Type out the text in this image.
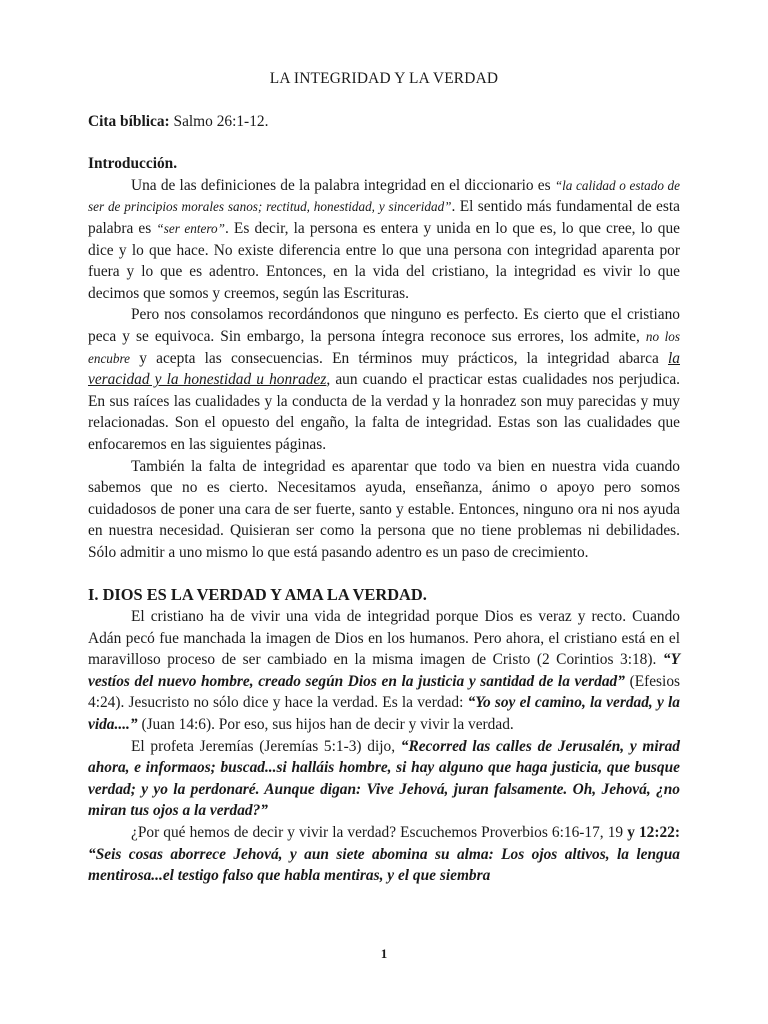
LA INTEGRIDAD Y LA VERDAD

Cita bíblica: Salmo 26:1-12.

Introducción.

Una de las definiciones de la palabra integridad en el diccionario es “la calidad o estado de ser de principios morales sanos; rectitud, honestidad, y sinceridad”. El sentido más fundamental de esta palabra es “ser entero”. Es decir, la persona es entera y unida en lo que es, lo que cree, lo que dice y lo que hace. No existe diferencia entre lo que una persona con integridad aparenta por fuera y lo que es adentro. Entonces, en la vida del cristiano, la integridad es vivir lo que decimos que somos y creemos, según las Escrituras.

Pero nos consolamos recordándonos que ninguno es perfecto. Es cierto que el cristiano peca y se equivoca. Sin embargo, la persona íntegra reconoce sus errores, los admite, no los encubre y acepta las consecuencias. En términos muy prácticos, la integridad abarca la veracidad y la honestidad u honradez, aun cuando el practicar estas cualidades nos perjudica. En sus raíces las cualidades y la conducta de la verdad y la honradez son muy parecidas y muy relacionadas. Son el opuesto del engaño, la falta de integridad. Estas son las cualidades que enfocaremos en las siguientes páginas.

También la falta de integridad es aparentar que todo va bien en nuestra vida cuando sabemos que no es cierto. Necesitamos ayuda, enseñanza, ánimo o apoyo pero somos cuidadosos de poner una cara de ser fuerte, santo y estable. Entonces, ninguno ora ni nos ayuda en nuestra necesidad. Quisieran ser como la persona que no tiene problemas ni debilidades. Sólo admitir a uno mismo lo que está pasando adentro es un paso de crecimiento.

I. DIOS ES LA VERDAD Y AMA LA VERDAD.

El cristiano ha de vivir una vida de integridad porque Dios es veraz y recto. Cuando Adán pecó fue manchada la imagen de Dios en los humanos. Pero ahora, el cristiano está en el maravilloso proceso de ser cambiado en la misma imagen de Cristo (2 Corintios 3:18). “Y vestíos del nuevo hombre, creado según Dios en la justicia y santidad de la verdad” (Efesios 4:24). Jesucristo no sólo dice y hace la verdad. Es la verdad: “Yo soy el camino, la verdad, y la vida....” (Juan 14:6). Por eso, sus hijos han de decir y vivir la verdad.

El profeta Jeremías (Jeremías 5:1-3) dijo, “Recorred las calles de Jerusalén, y mirad ahora, e informaos; buscad...si halláis hombre, si hay alguno que haga justicia, que busque verdad; y yo la perdonaré. Aunque digan: Vive Jehová, juran falsamente. Oh, Jehová, ¿no miran tus ojos a la verdad?”

¿Por qué hemos de decir y vivir la verdad? Escuchemos Proverbios 6:16-17, 19 y 12:22: “Seis cosas aborrece Jehová, y aun siete abomina su alma: Los ojos altivos, la lengua mentirosa...el testigo falso que habla mentiras, y el que siembra

1
